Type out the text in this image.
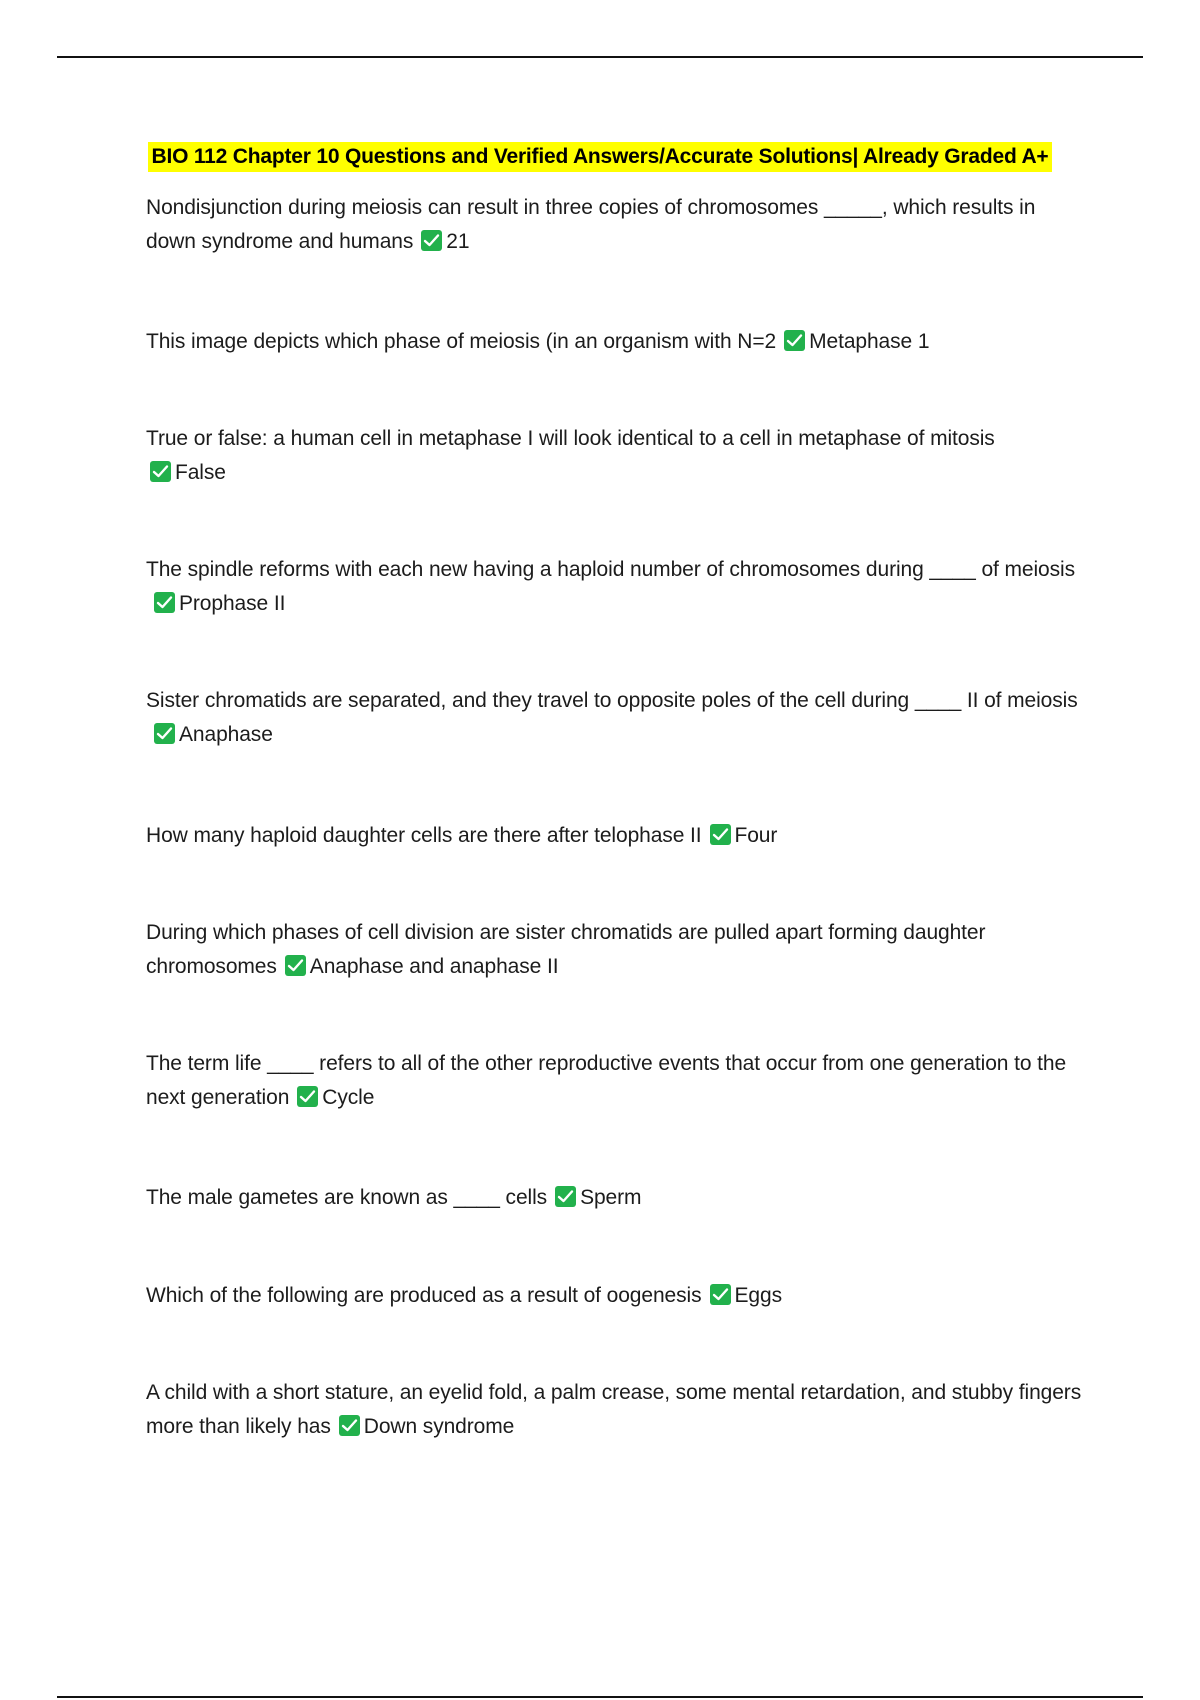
BIO 112 Chapter 10 Questions and Verified Answers/Accurate Solutions| Already Graded A+
Nondisjunction during meiosis can result in three copies of chromosomes _____, which results in down syndrome and humans 21
This image depicts which phase of meiosis (in an organism with N=2 Metaphase 1
True or false: a human cell in metaphase I will look identical to a cell in metaphase of mitosis

False
The spindle reforms with each new having a haploid number of chromosomes during ____ of meiosis
Prophase II
Sister chromatids are separated, and they travel to opposite poles of the cell during ____ II of meiosis
Anaphase
How many haploid daughter cells are there after telophase II Four
During which phases of cell division are sister chromatids are pulled apart forming daughter chromosomes Anaphase and anaphase II
The term life ____ refers to all of the other reproductive events that occur from one generation to the next generation Cycle
The male gametes are known as ____ cells Sperm
Which of the following are produced as a result of oogenesis Eggs
A child with a short stature, an eyelid fold, a palm crease, some mental retardation, and stubby fingers more than likely has Down syndrome
